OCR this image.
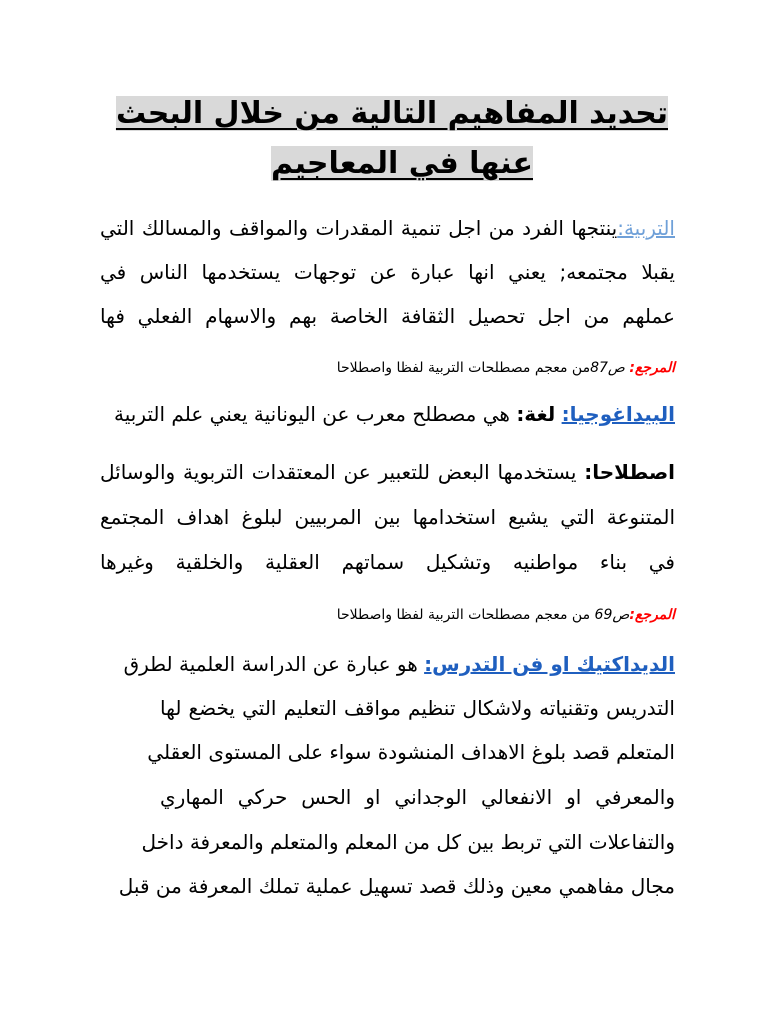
تحديد المفاهيم التالية من خلال البحث
عنها في المعاجيم
التربية:ينتجها الفرد من اجل تنمية المقدرات والمواقف والمسالك التي
يقبلا مجتمعه; يعني انها عبارة عن توجهات يستخدمها الناس في
عملهم من اجل تحصيل الثقافة الخاصة بهم والاسهام الفعلي فها
المرجع: ص87من معجم مصطلحات التربية لفظا واصطلاحا
البيداغوجيا: لغة: هي مصطلح معرب عن اليونانية يعني علم التربية
اصطلاحا: يستخدمها البعض للتعبير عن المعتقدات التربوية والوسائل
المتنوعة التي يشيع استخدامها بين المربيين لبلوغ اهداف المجتمع
في بناء مواطنيه وتشكيل سماتهم العقلية والخلقية وغيرها
المرجع:ص69 من معجم مصطلحات التربية لفظا واصطلاحا
الديداكتيك او فن التدرس: هو عبارة عن الدراسة العلمية لطرق
التدريس وتقنياته ولاشكال تنظيم مواقف التعليم التي يخضع لها
المتعلم قصد بلوغ الاهداف المنشودة سواء على المستوى العقلي
والمعرفي او الانفعالي الوجداني او الحس حركي المهاري
والتفاعلات التي تربط بين كل من المعلم والمتعلم والمعرفة داخل
مجال مفاهمي معين وذلك قصد تسهيل عملية تملك المعرفة من قبل
